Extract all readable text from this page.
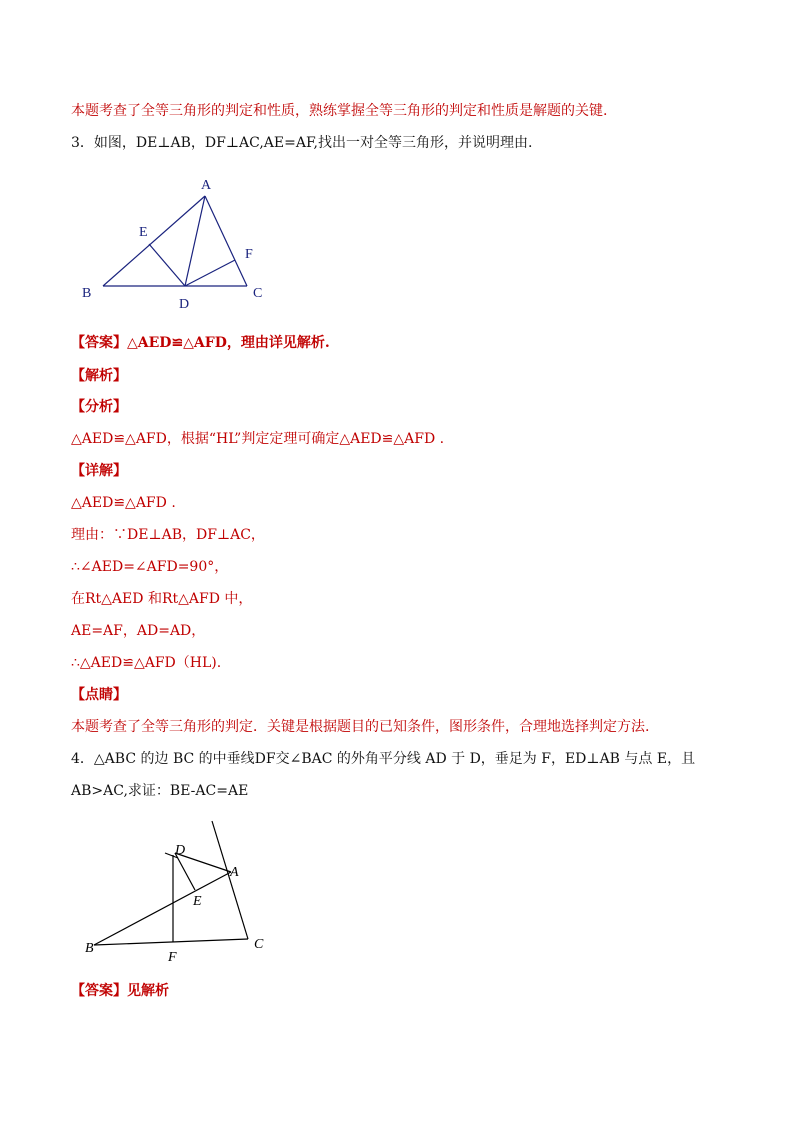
本题考查了全等三角形的判定和性质，熟练掌握全等三角形的判定和性质是解题的关键.
3．如图，DE⊥AB，DF⊥AC,AE=AF,找出一对全等三角形，并说明理由.
A
B	C
D
E
F
【答案】△AED≌△AFD，理由详见解析.
【解析】
【分析】
△AED≌△AFD，根据“HL”判定定理可确定△AED≌△AFD .
【详解】
△AED≌△AFD .
理由：∵DE⊥AB，DF⊥AC，
∴∠AED=∠AFD=90°，
在Rt△AED 和Rt△AFD 中，
AE=AF，AD=AD，
∴△AED≌△AFD（HL).
【点睛】
本题考查了全等三角形的判定．关键是根据题目的已知条件，图形条件，合理地选择判定方法.
4．△ABC 的边 BC 的中垂线DF交∠BAC 的外角平分线 AD 于 D，垂足为 F，ED⊥AB 与点 E，且
AB>AC,求证：BE-AC=AE
D
A
E
B
F
C
【答案】见解析
